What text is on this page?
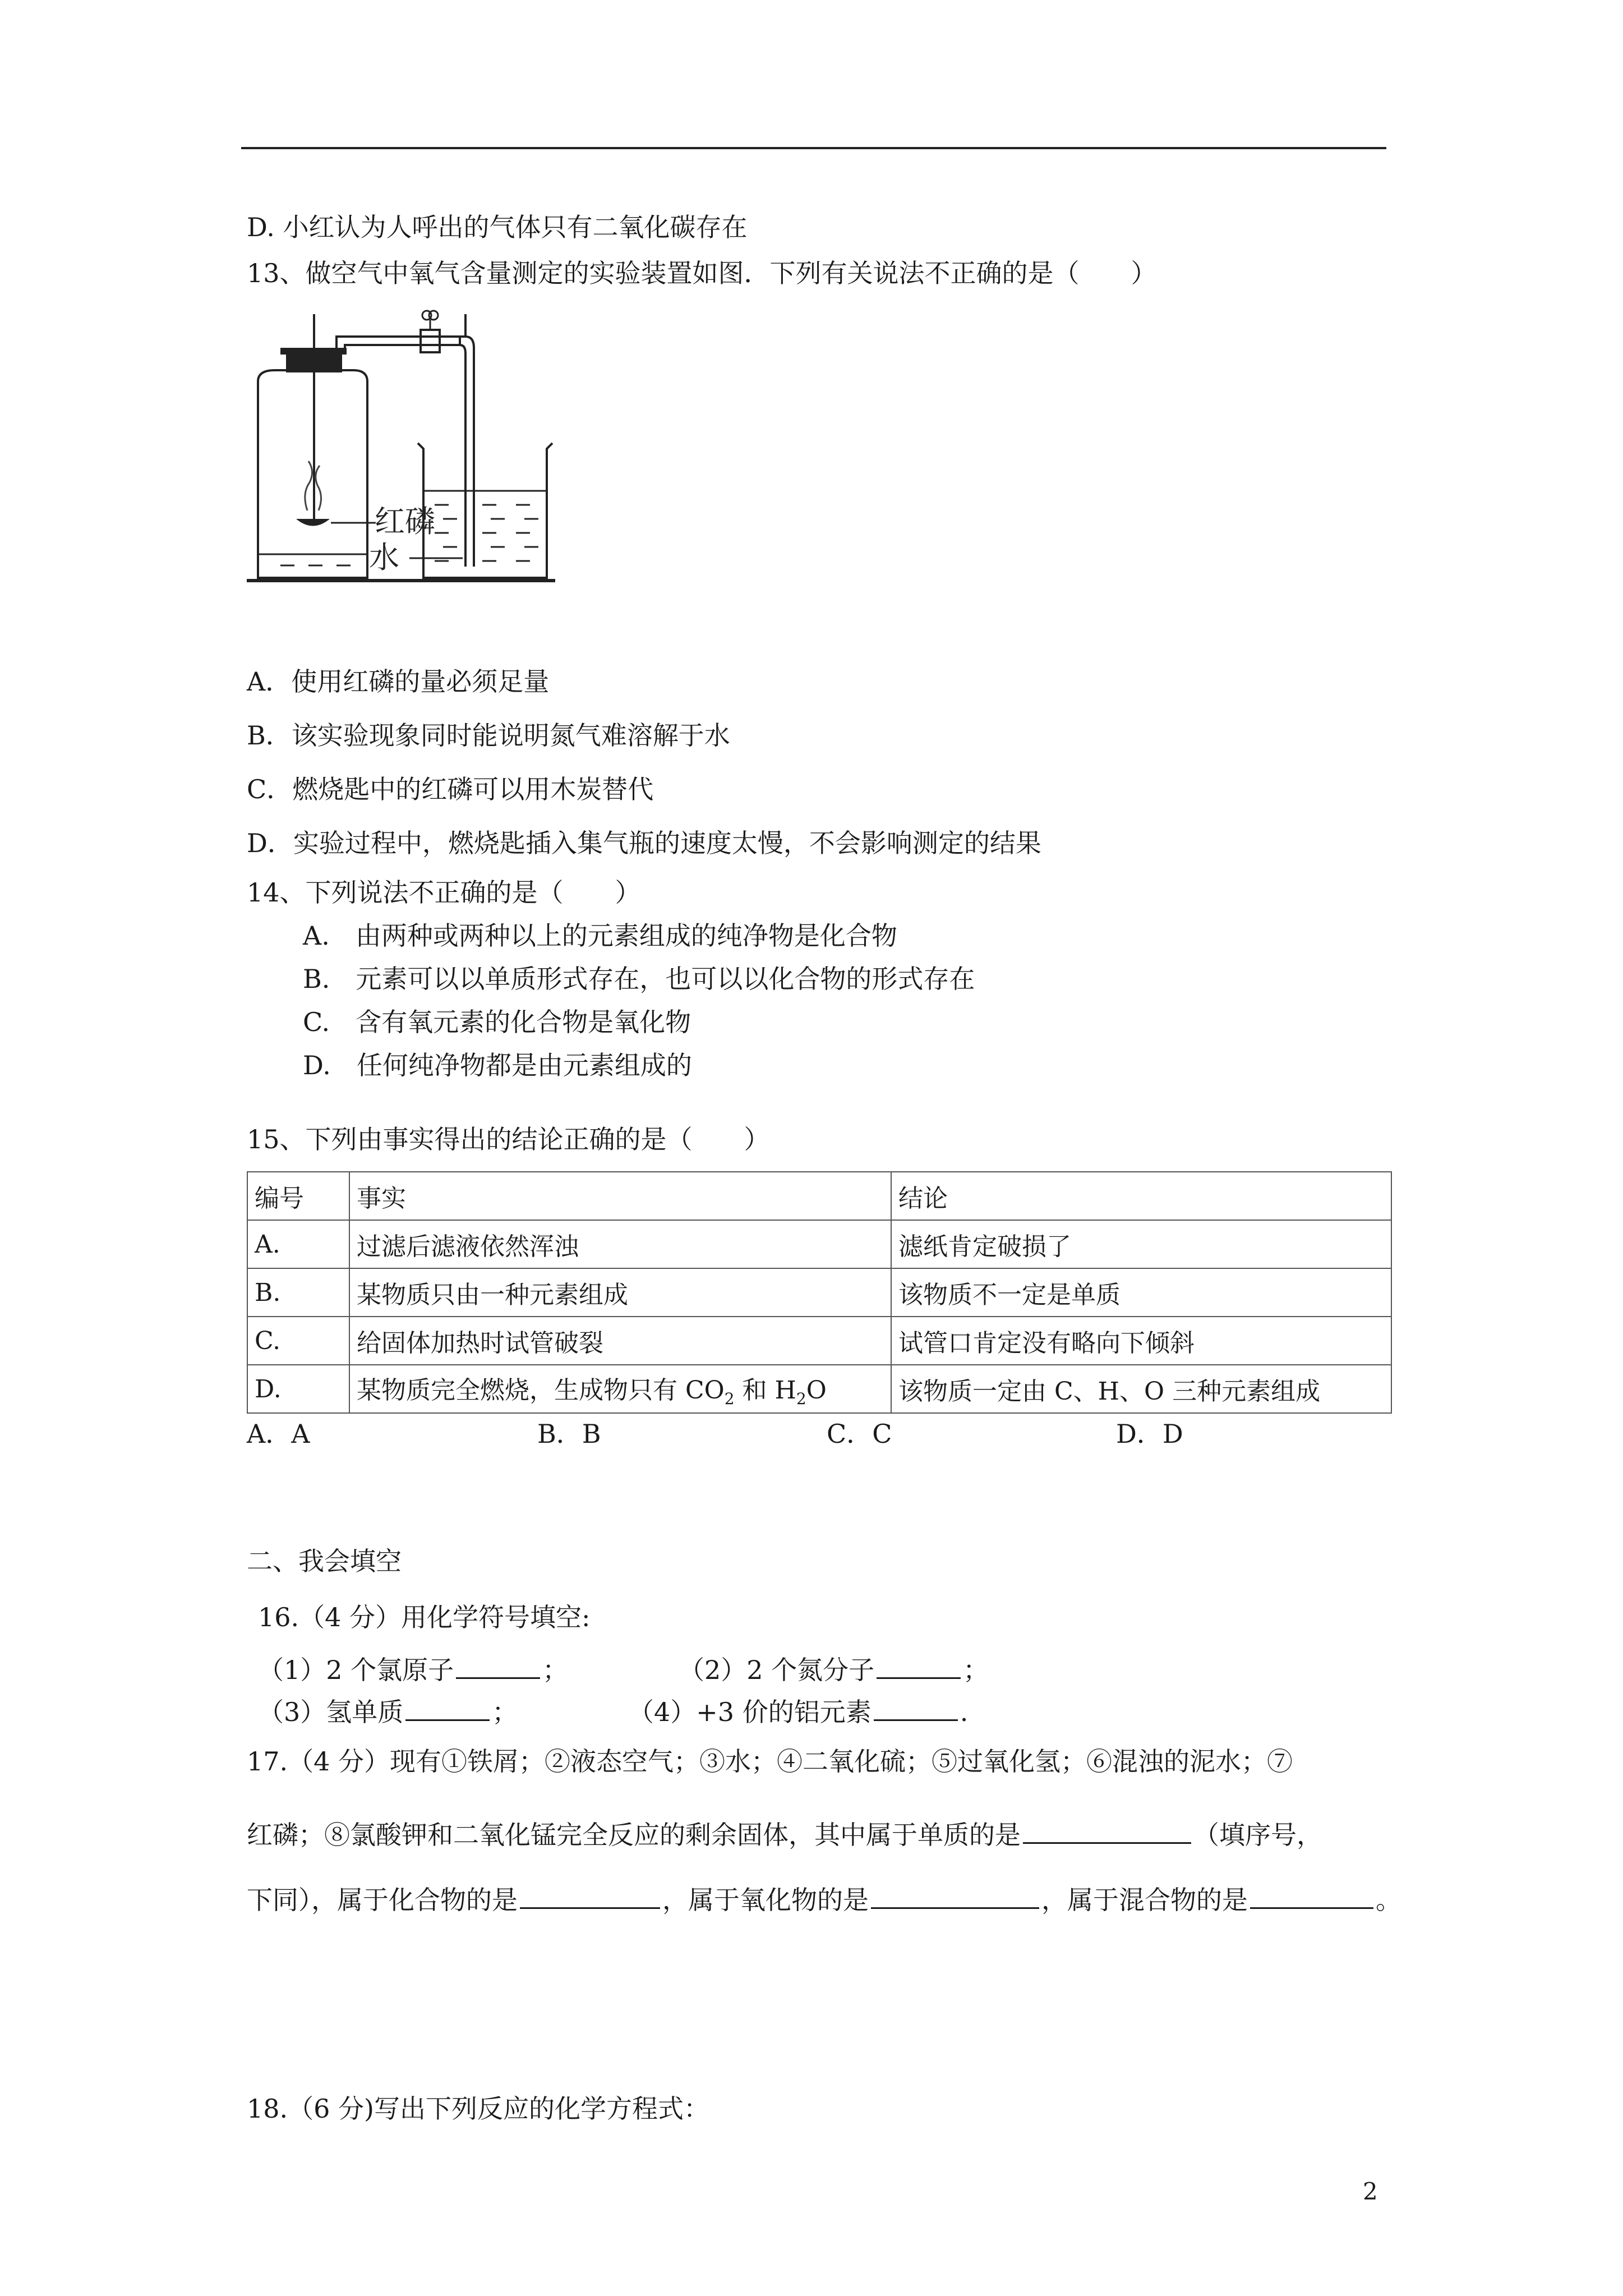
D. 小红认为人呼出的气体只有二氧化碳存在
13、做空气中氧气含量测定的实验装置如图．下列有关说法不正确的是（　　）
红磷
水
A．使用红磷的量必须足量
B．该实验现象同时能说明氮气难溶解于水
C．燃烧匙中的红磷可以用木炭替代
D．实验过程中，燃烧匙插入集气瓶的速度太慢，不会影响测定的结果
14、下列说法不正确的是（　　）
A.　由两种或两种以上的元素组成的纯净物是化合物
B.　元素可以以单质形式存在，也可以以化合物的形式存在
C.　含有氧元素的化合物是氧化物
D.　任何纯净物都是由元素组成的
15、下列由事实得出的结论正确的是（　　）
编号	事实	结论
A.	过滤后滤液依然浑浊	滤纸肯定破损了
B.	某物质只由一种元素组成	该物质不一定是单质
C.	给固体加热时试管破裂	试管口肯定没有略向下倾斜
D.	某物质完全燃烧，生成物只有 $CO_2$ 和 $H_2O$	该物质一定由 C、H、O 三种元素组成
A．A	B．B	C．C	D．D
二、我会填空
16.（4 分）用化学符号填空:
（1）2 个氯原子	；	（2）2 个氮分子	；
（3）氢单质	；	（4）+3 价的铝元素	.
17.（4 分）现有①铁屑；②液态空气；③水；④二氧化硫；⑤过氧化氢；⑥混浊的泥水；⑦
红磷；⑧氯酸钾和二氧化锰完全反应的剩余固体，其中属于单质的是	（填序号，
下同），属于化合物的是	，属于氧化物的是	，属于混合物的是	。
18.（6 分)写出下列反应的化学方程式：
2
